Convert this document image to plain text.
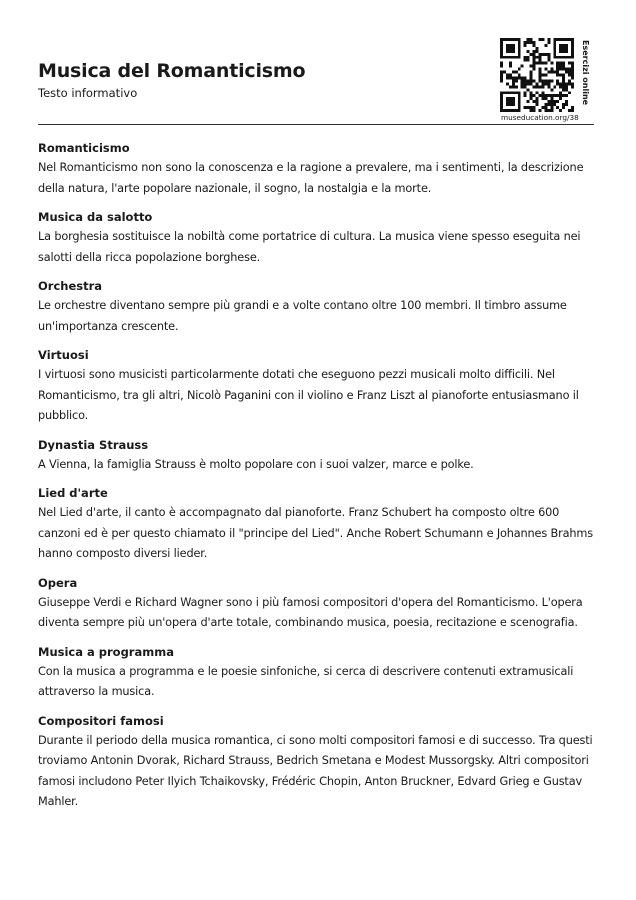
Musica del Romanticismo
Testo informativo	Esercizi online
museducation.org/38
Romanticismo
Nel Romanticismo non sono la conoscenza e la ragione a prevalere, ma i sentimenti, la descrizione della natura, l'arte popolare nazionale, il sogno, la nostalgia e la morte.
Musica da salotto
La borghesia sostituisce la nobiltà come portatrice di cultura. La musica viene spesso eseguita nei salotti della ricca popolazione borghese.
Orchestra
Le orchestre diventano sempre più grandi e a volte contano oltre 100 membri. Il timbro assume un'importanza crescente.
Virtuosi
I virtuosi sono musicisti particolarmente dotati che eseguono pezzi musicali molto difficili. Nel Romanticismo, tra gli altri, Nicolò Paganini con il violino e Franz Liszt al pianoforte entusiasmano il pubblico.
Dynastia Strauss
A Vienna, la famiglia Strauss è molto popolare con i suoi valzer, marce e polke.
Lied d'arte
Nel Lied d'arte, il canto è accompagnato dal pianoforte. Franz Schubert ha composto oltre 600 canzoni ed è per questo chiamato il "principe del Lied". Anche Robert Schumann e Johannes Brahms hanno composto diversi lieder.
Opera
Giuseppe Verdi e Richard Wagner sono i più famosi compositori d'opera del Romanticismo. L'opera diventa sempre più un'opera d'arte totale, combinando musica, poesia, recitazione e scenografia.
Musica a programma
Con la musica a programma e le poesie sinfoniche, si cerca di descrivere contenuti extramusicali attraverso la musica.
Compositori famosi
Durante il periodo della musica romantica, ci sono molti compositori famosi e di successo. Tra questi troviamo Antonin Dvorak, Richard Strauss, Bedrich Smetana e Modest Mussorgsky. Altri compositori famosi includono Peter Ilyich Tchaikovsky, Frédéric Chopin, Anton Bruckner, Edvard Grieg e Gustav Mahler.
